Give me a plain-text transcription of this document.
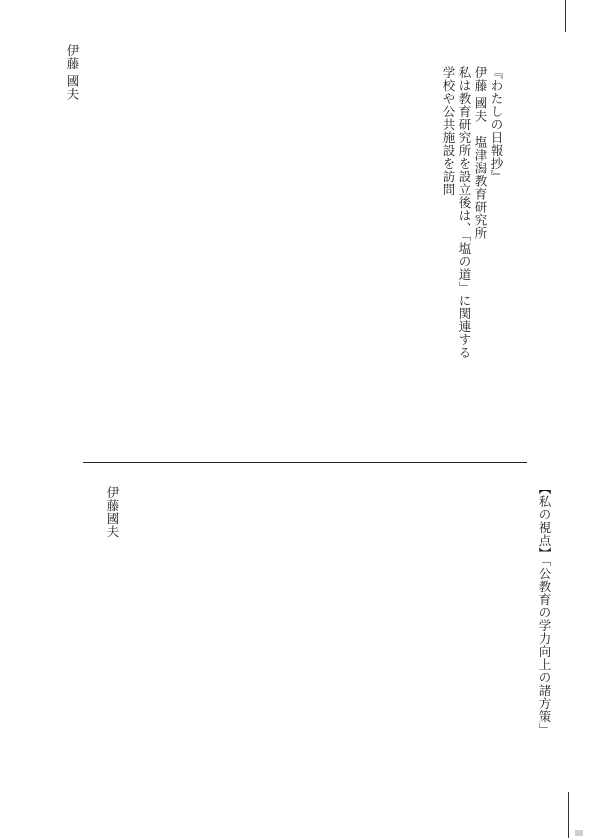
『わたしの日報抄』
伊藤 國夫　塩津潟教育研究所
私は教育研究所を設立後は、「塩の道」に関連する学校や公共施設を訪問
伊藤 國夫
【私の視点】「公教育の学力向上の諸方策」
伊藤國夫
